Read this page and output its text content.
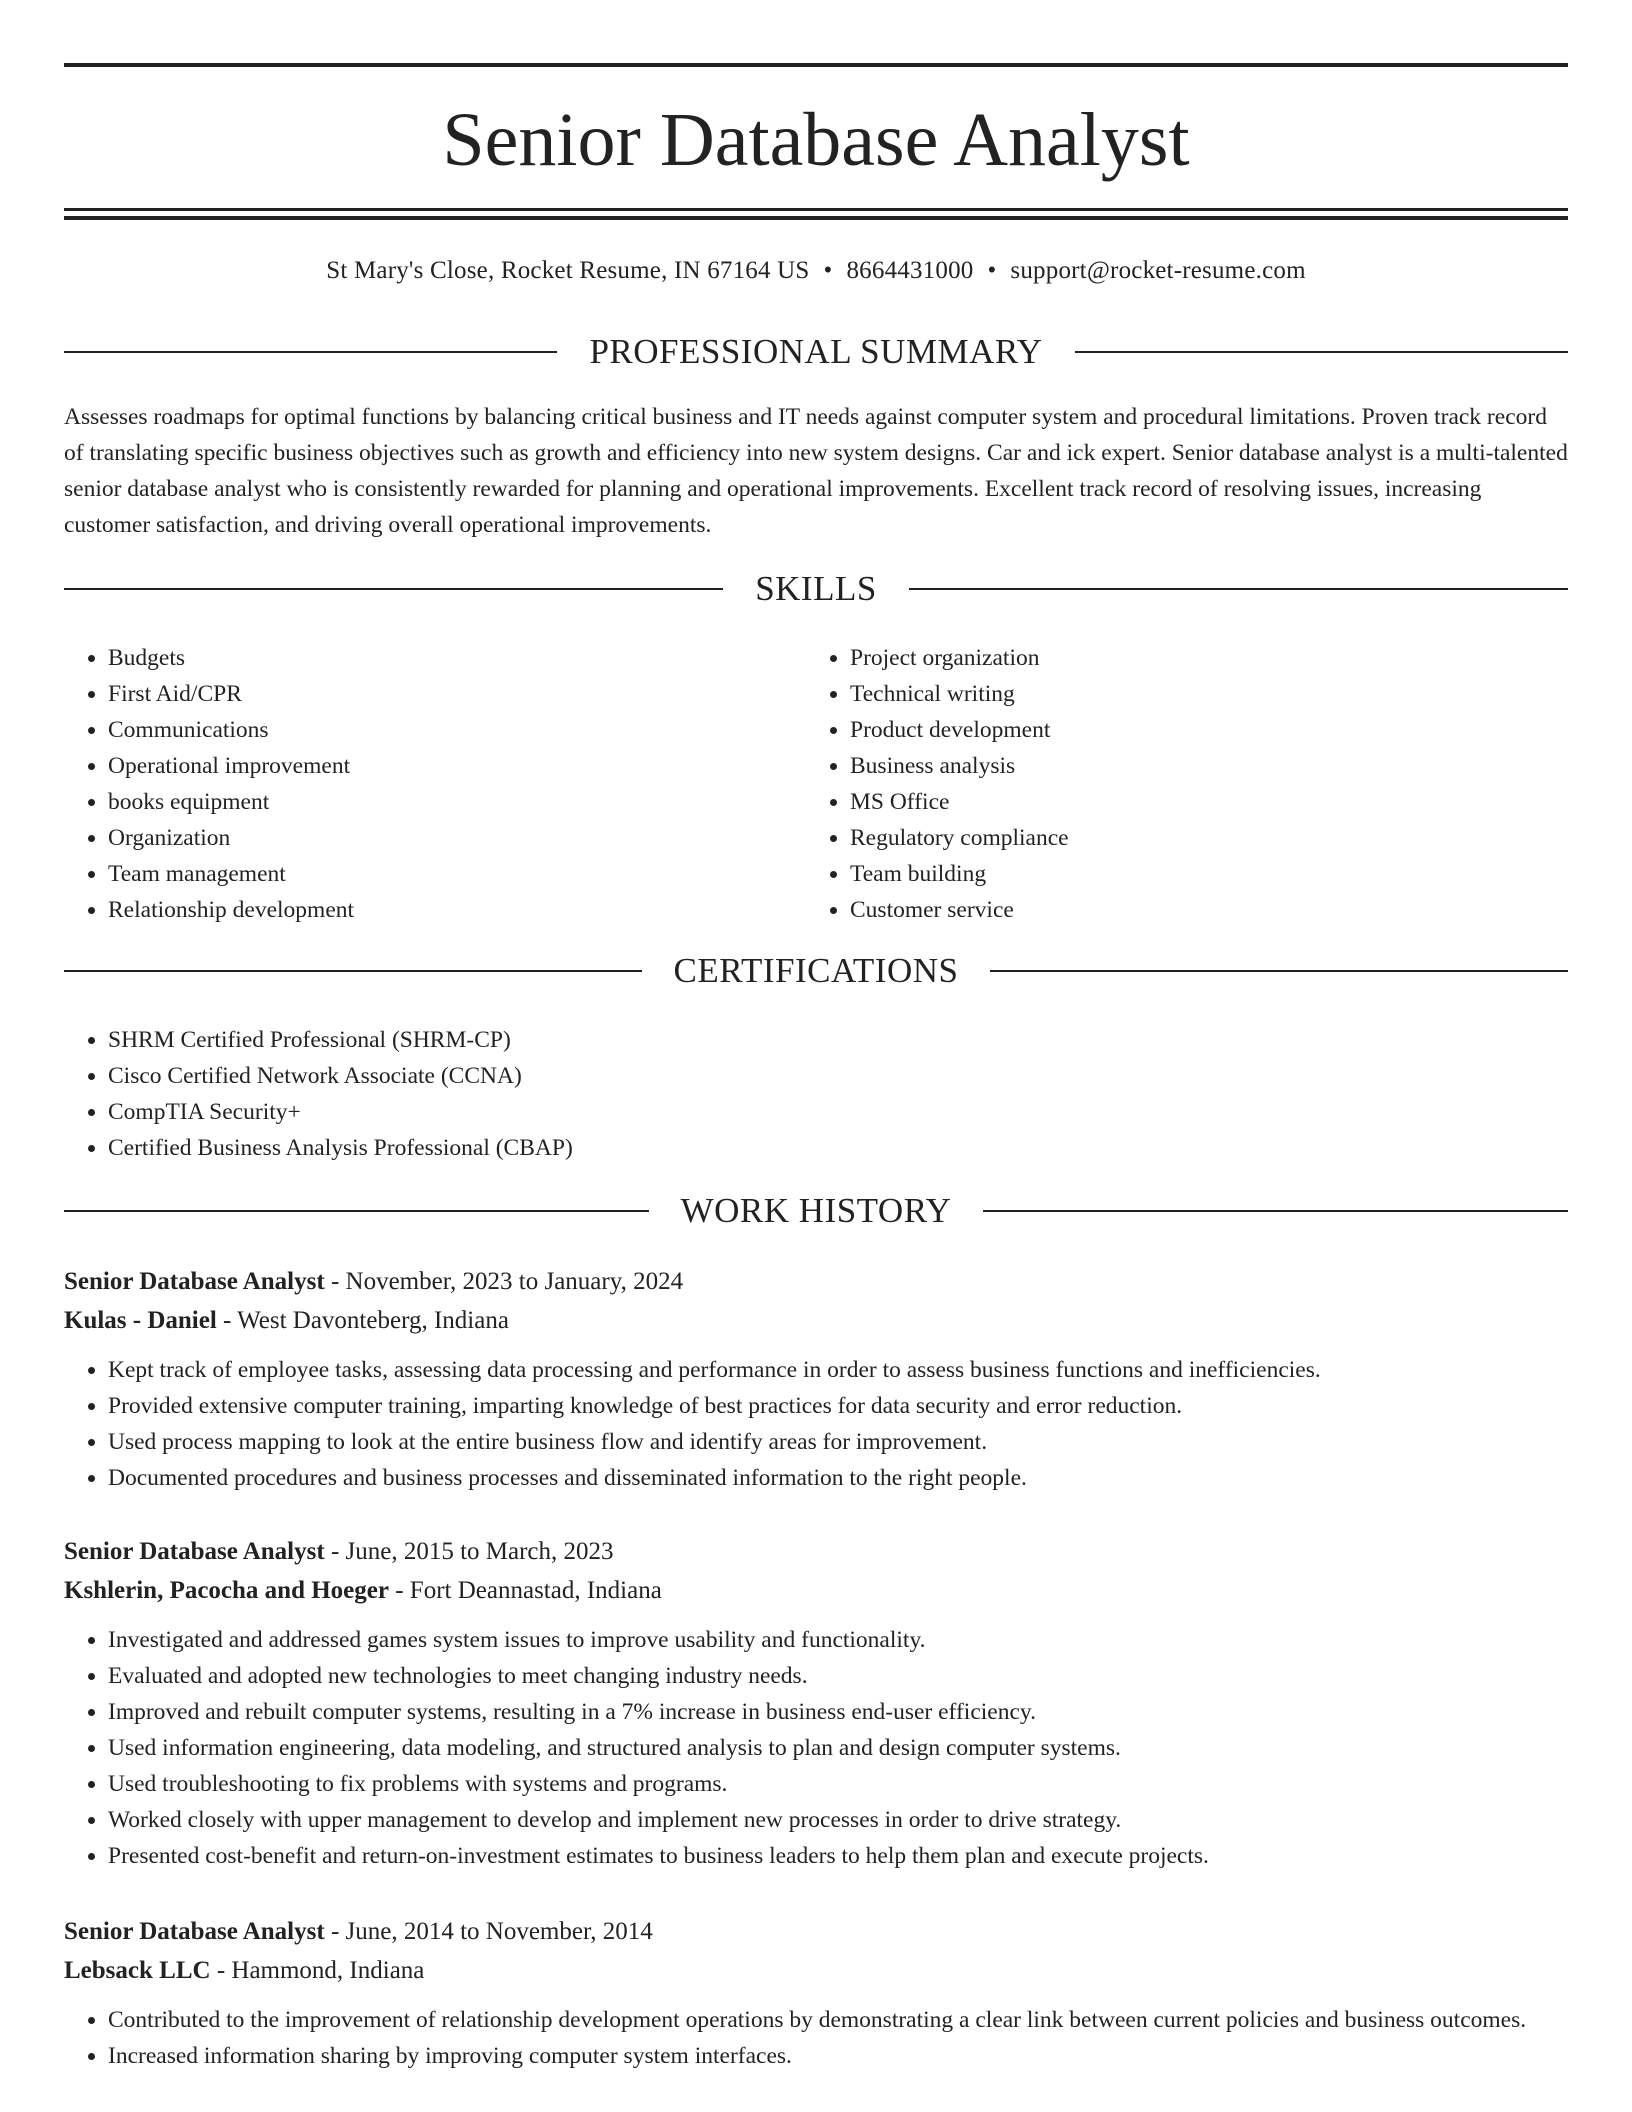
Senior Database Analyst
St Mary's Close, Rocket Resume, IN 67164 US • 8664431000 • support@rocket-resume.com
PROFESSIONAL SUMMARY

Assesses roadmaps for optimal functions by balancing critical business and IT needs against computer system and procedural limitations. Proven track record of translating specific business objectives such as growth and efficiency into new system designs. Car and ick expert. Senior database analyst is a multi-talented senior database analyst who is consistently rewarded for planning and operational improvements. Excellent track record of resolving issues, increasing customer satisfaction, and driving overall operational improvements.

SKILLS
• Budgets
• First Aid/CPR
• Communications
• Operational improvement
• books equipment
• Organization
• Team management
• Relationship development
• Project organization
• Technical writing
• Product development
• Business analysis
• MS Office
• Regulatory compliance
• Team building
• Customer service
CERTIFICATIONS
• SHRM Certified Professional (SHRM-CP)
• Cisco Certified Network Associate (CCNA)
• CompTIA Security+
• Certified Business Analysis Professional (CBAP)
WORK HISTORY
Senior Database Analyst - November, 2023 to January, 2024
Kulas - Daniel - West Davonteberg, Indiana
• Kept track of employee tasks, assessing data processing and performance in order to assess business functions and inefficiencies.
• Provided extensive computer training, imparting knowledge of best practices for data security and error reduction.
• Used process mapping to look at the entire business flow and identify areas for improvement.
• Documented procedures and business processes and disseminated information to the right people.
Senior Database Analyst - June, 2015 to March, 2023
Kshlerin, Pacocha and Hoeger - Fort Deannastad, Indiana
• Investigated and addressed games system issues to improve usability and functionality.
• Evaluated and adopted new technologies to meet changing industry needs.
• Improved and rebuilt computer systems, resulting in a 7% increase in business end-user efficiency.
• Used information engineering, data modeling, and structured analysis to plan and design computer systems.
• Used troubleshooting to fix problems with systems and programs.
• Worked closely with upper management to develop and implement new processes in order to drive strategy.
• Presented cost-benefit and return-on-investment estimates to business leaders to help them plan and execute projects.
Senior Database Analyst - June, 2014 to November, 2014
Lebsack LLC - Hammond, Indiana
• Contributed to the improvement of relationship development operations by demonstrating a clear link between current policies and business outcomes.
• Increased information sharing by improving computer system interfaces.
